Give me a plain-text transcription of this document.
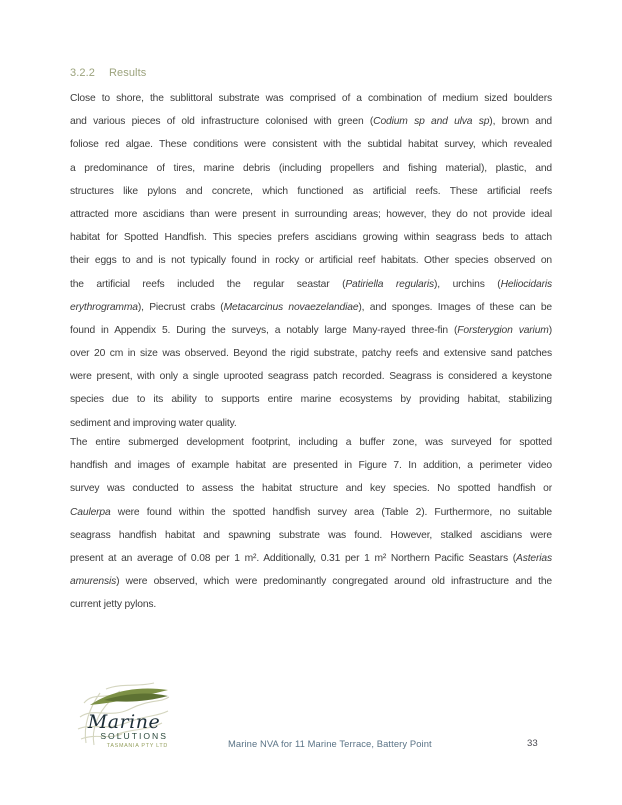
3.2.2 Results
Close to shore, the sublittoral substrate was comprised of a combination of medium sized boulders
and various pieces of old infrastructure colonised with green (Codium sp and ulva sp), brown and
foliose red algae. These conditions were consistent with the subtidal habitat survey, which revealed
a predominance of tires, marine debris (including propellers and fishing material), plastic, and
structures like pylons and concrete, which functioned as artificial reefs. These artificial reefs
attracted more ascidians than were present in surrounding areas; however, they do not provide ideal
habitat for Spotted Handfish. This species prefers ascidians growing within seagrass beds to attach
their eggs to and is not typically found in rocky or artificial reef habitats. Other species observed on
the artificial reefs included the regular seastar (Patiriella regularis), urchins (Heliocidaris
erythrogramma), Piecrust crabs (Metacarcinus novaezelandiae), and sponges. Images of these can be
found in Appendix 5. During the surveys, a notably large Many-rayed three-fin (Forsterygion varium)
over 20 cm in size was observed. Beyond the rigid substrate, patchy reefs and extensive sand patches
were present, with only a single uprooted seagrass patch recorded. Seagrass is considered a keystone
species due to its ability to supports entire marine ecosystems by providing habitat, stabilizing
sediment and improving water quality.
The entire submerged development footprint, including a buffer zone, was surveyed for spotted
handfish and images of example habitat are presented in Figure 7. In addition, a perimeter video
survey was conducted to assess the habitat structure and key species. No spotted handfish or
Caulerpa were found within the spotted handfish survey area (Table 2). Furthermore, no suitable
seagrass handfish habitat and spawning substrate was found. However, stalked ascidians were
present at an average of 0.08 per 1 m². Additionally, 0.31 per 1 m² Northern Pacific Seastars (Asterias
amurensis) were observed, which were predominantly congregated around old infrastructure and the
current jetty pylons.
Marine
SOLUTIONS
TASMANIA PTY LTD	Marine NVA for 11 Marine Terrace, Battery Point	33
